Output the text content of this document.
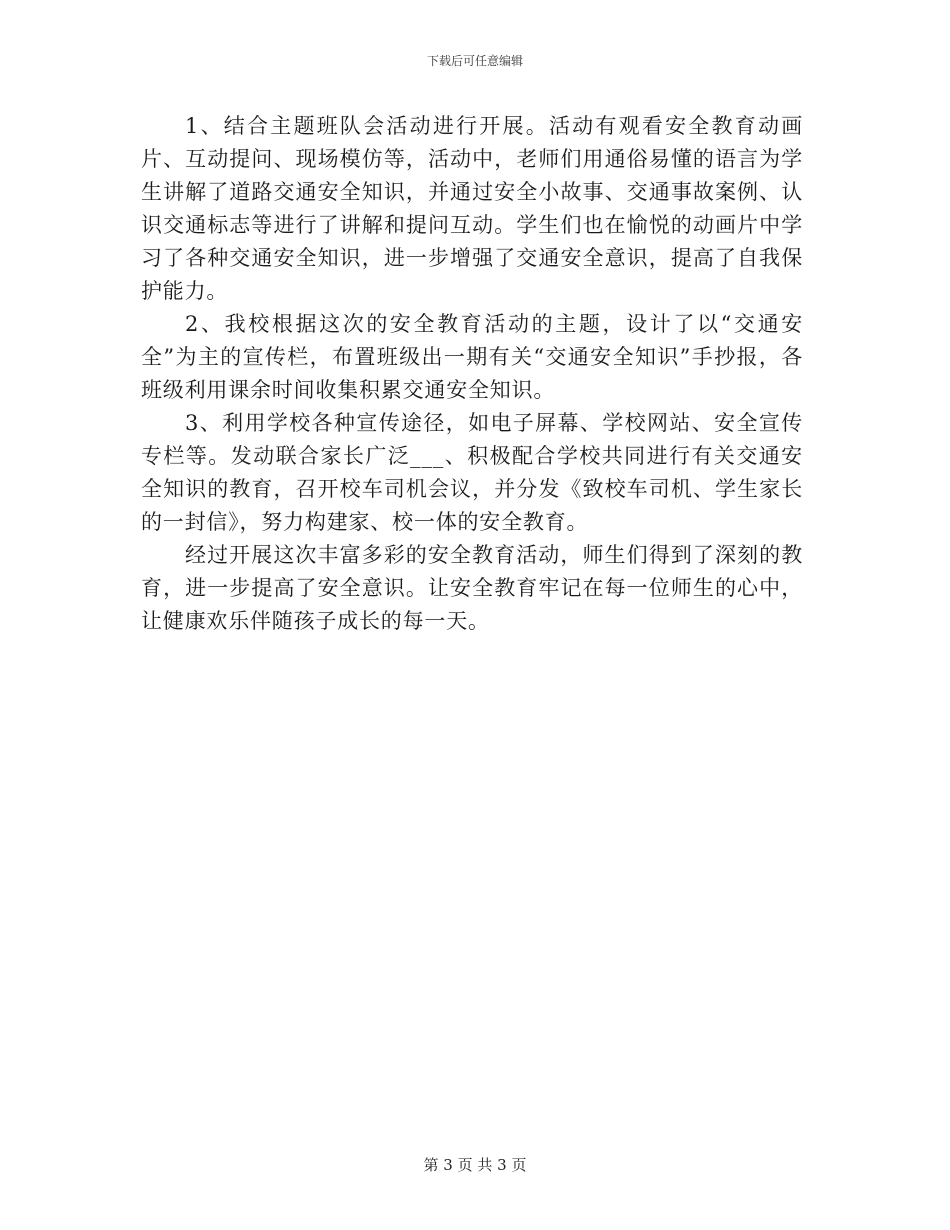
下载后可任意编辑

1、结合主题班队会活动进行开展。活动有观看安全教育动画片、互动提问、现场模仿等，活动中，老师们用通俗易懂的语言为学生讲解了道路交通安全知识，并通过安全小故事、交通事故案例、认识交通标志等进行了讲解和提问互动。学生们也在愉悦的动画片中学习了各种交通安全知识，进一步增强了交通安全意识，提高了自我保护能力。

2、我校根据这次的安全教育活动的主题，设计了以“交通安全”为主的宣传栏，布置班级出一期有关“交通安全知识”手抄报，各班级利用课余时间收集积累交通安全知识。

3、利用学校各种宣传途径，如电子屏幕、学校网站、安全宣传专栏等。发动联合家长广泛___、积极配合学校共同进行有关交通安全知识的教育，召开校车司机会议，并分发《致校车司机、学生家长的一封信》，努力构建家、校一体的安全教育。

经过开展这次丰富多彩的安全教育活动，师生们得到了深刻的教育，进一步提高了安全意识。让安全教育牢记在每一位师生的心中，让健康欢乐伴随孩子成长的每一天。

第 3 页 共 3 页
